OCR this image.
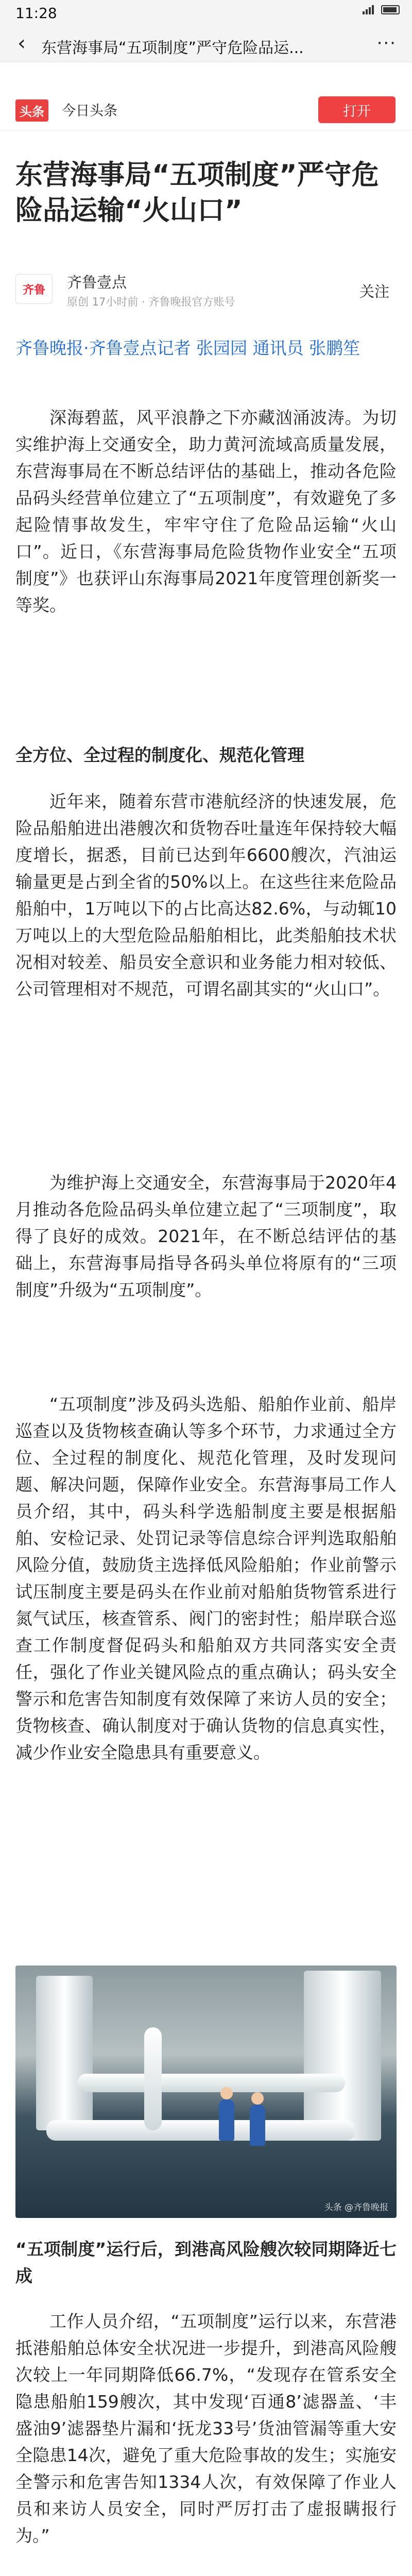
11:28
‹ 东营海事局“五项制度”严守危险品运...	···
头条 今日头条	打开
东营海事局“五项制度”严守危险品运输“火山口”
齐鲁	齐鲁壹点
原创 17小时前 · 齐鲁晚报官方账号
关注

齐鲁晚报·齐鲁壹点记者 张园园 通讯员 张鹏笙

深海碧蓝，风平浪静之下亦藏汹涌波涛。为切实维护海上交通安全，助力黄河流域高质量发展，东营海事局在不断总结评估的基础上，推动各危险品码头经营单位建立了“五项制度”，有效避免了多起险情事故发生，牢牢守住了危险品运输“火山口”。近日，《东营海事局危险货物作业安全“五项制度”》也获评山东海事局2021年度管理创新奖一等奖。

全方位、全过程的制度化、规范化管理

近年来，随着东营市港航经济的快速发展，危险品船舶进出港艘次和货物吞吐量连年保持较大幅度增长，据悉，目前已达到年6600艘次，汽油运输量更是占到全省的50%以上。在这些往来危险品船舶中，1万吨以下的占比高达82.6%，与动辄10万吨以上的大型危险品船舶相比，此类船舶技术状况相对较差、船员安全意识和业务能力相对较低、公司管理相对不规范，可谓名副其实的“火山口”。

为维护海上交通安全，东营海事局于2020年4月推动各危险品码头单位建立起了“三项制度”，取得了良好的成效。2021年，在不断总结评估的基础上，东营海事局指导各码头单位将原有的“三项制度”升级为“五项制度”。

“五项制度”涉及码头选船、船舶作业前、船岸巡查以及货物核查确认等多个环节，力求通过全方位、全过程的制度化、规范化管理，及时发现问题、解决问题，保障作业安全。东营海事局工作人员介绍，其中，码头科学选船制度主要是根据船舶、安检记录、处罚记录等信息综合评判选取船舶风险分值，鼓励货主选择低风险船舶；作业前警示试压制度主要是码头在作业前对船舶货物管系进行氮气试压，核查管系、阀门的密封性；船岸联合巡查工作制度督促码头和船舶双方共同落实安全责任，强化了作业关键风险点的重点确认；码头安全警示和危害告知制度有效保障了来访人员的安全；货物核查、确认制度对于确认货物的信息真实性，减少作业安全隐患具有重要意义。

头条 @齐鲁晚报

“五项制度”运行后，到港高风险艘次较同期降近七成

工作人员介绍，“五项制度”运行以来，东营港抵港船舶总体安全状况进一步提升，到港高风险艘次较上一年同期降低66.7%，“发现存在管系安全隐患船舶159艘次，其中发现‘百通8’滤器盖、‘丰盛油9’滤器垫片漏和‘抚龙33号’货油管漏等重大安全隐患14次，避免了重大危险事故的发生；实施安全警示和危害告知1334人次，有效保障了作业人员和来访人员安全，同时严厉打击了虚报瞒报行为。”
